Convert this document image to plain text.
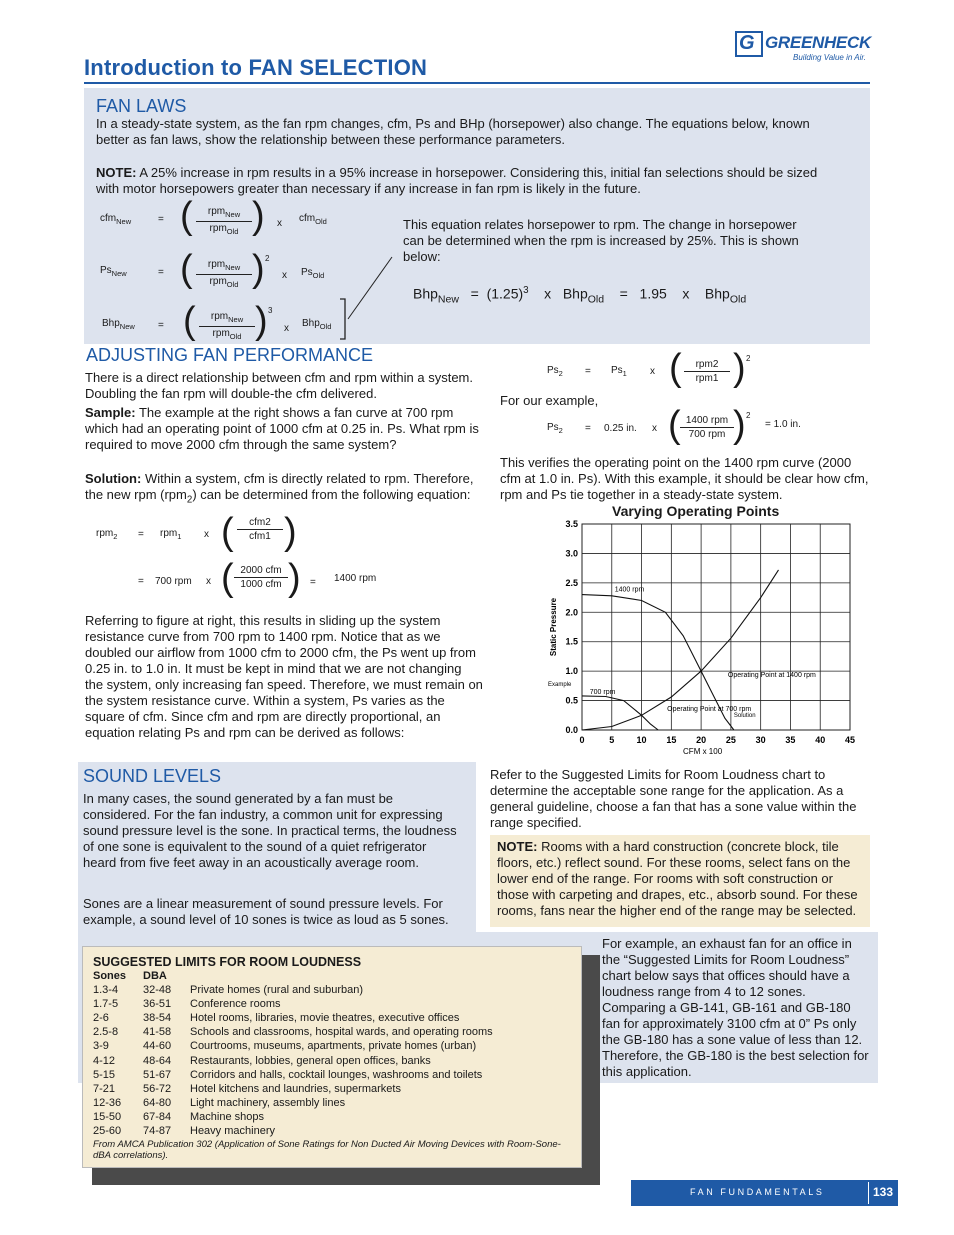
Introduction to FAN SELECTION
G GREENHECK
Building Value in Air.
FAN LAWS
In a steady-state system, as the fan rpm changes, cfm, Ps and BHp (horsepower) also change. The equations below, known better as fan laws, show the relationship between these performance parameters.
NOTE: A 25% increase in rpm results in a 95% increase in horsepower. Considering this, initial fan selections should be sized with motor horsepowers greater than necessary if any increase in fan rpm is likely in the future.
cfm$_{New}$	= (	rpm$_{New}$
rpm$_{Old}$ ) x cfm$_{Old}$
$Ps_{New}$	= (	rpm$_{New}$
rpm$_{Old}$ ) 2
x $Ps_{Old}$
Bhp$_{New}$ = (	rpm$_{New}$
rpm$_{Old}$ ) 3
x Bhp$_{Old}$
This equation relates horsepower to rpm. The change in horsepower can be determined when the rpm is increased by 25%. This is shown below:
$Bhp_{New} = (1.25)^3$ x   Bhp$_{Old}$ = 1.95 x    Bhp$_{Old}$
ADJUSTING FAN PERFORMANCE
There is a direct relationship between cfm and rpm within a system. Doubling the fan rpm will double-the cfm delivered.
Sample: The example at the right shows a fan curve at 700 rpm which had an operating point of 1000 cfm at 0.25 in. Ps. What rpm is required to move 2000 cfm through the same system?
Solution: Within a system, cfm is directly related to rpm. Therefore, the new rpm (rpm$_2$) can be determined from the following equation:
rpm$_2$ = rpm$_1$ x (	cfm2
cfm1 )
= 700 rpm x ( 2000 cfm
1000 cfm ) = 1400 rpm
Referring to figure at right, this results in sliding up the system resistance curve from 700 rpm to 1400 rpm. Notice that as we doubled our airflow from 1000 cfm to 2000 cfm, the Ps went up from 0.25 in. to 1.0 in. It must be kept in mind that we are not changing the system, only increasing fan speed. Therefore, we must remain on the system resistance curve. Within a system, Ps varies as the square of cfm. Since cfm and rpm are directly proportional, an equation relating Ps and rpm can be derived as follows:
$Ps_2 = Ps_1$ x (	rpm2
rpm1 ) 2
For our example,
$Ps_2 = 0.25$ in. x ( 1400 rpm
700 rpm ) 2
= 1.0 in.
This verifies the operating point on the 1400 rpm curve (2000 cfm at 1.0 in. Ps). With this example, it should be clear how cfm, rpm and Ps tie together in a steady-state system.
Varying Operating Points
0	5 10 15 20 25 30 35 40 45
0.0
0.5
1.0
1.5
2.0
2.5
3.0
3.5
1400 rpm
700 rpm
Operating Point at 1400 rpm
Operating Point at 700 rpm
Example
Solution
CFM x 100
Static Pressure
SOUND LEVELS
In many cases, the sound generated by a fan must be considered. For the fan industry, a common unit for expressing sound pressure level is the sone. In practical terms, the loudness of one sone is equivalent to the sound of a quiet refrigerator heard from five feet away in an acoustically average room.
Sones are a linear measurement of sound pressure levels. For example, a sound level of 10 sones is twice as loud as 5 sones.
Refer to the Suggested Limits for Room Loudness chart to determine the acceptable sone range for the application. As a general guideline, choose a fan that has a sone value within the range specified.
NOTE: Rooms with a hard construction (concrete block, tile floors, etc.) reflect sound. For these rooms, select fans on the lower end of the range. For rooms with soft construction or those with carpeting and drapes, etc., absorb sound. For these rooms, fans near the higher end of the range may be selected.
For example, an exhaust fan for an office in the “Suggested Limits for Room Loudness” chart below says that offices should have a loudness range from 4 to 12 sones. Comparing a GB-141, GB-161 and GB-180 fan for approximately 3100 cfm at 0” Ps only the GB-180 has a sone value of less than 12. Therefore, the GB-180 is the best selection for this application.
SUGGESTED LIMITS FOR ROOM LOUDNESS
Sones DBA
1.3-4 32-48 Private homes (rural and suburban)
1.7-5 36-51 Conference rooms
2-6	38-54 Hotel rooms, libraries, movie theatres, executive offices
2.5-8 41-58 Schools and classrooms, hospital wards, and operating rooms
3-9	44-60 Courtrooms, museums, apartments, private homes (urban)
4-12	48-64 Restaurants, lobbies, general open offices, banks
5-15	51-67 Corridors and halls, cocktail lounges, washrooms and toilets
7-21	56-72 Hotel kitchens and laundries, supermarkets
12-36 64-80 Light machinery, assembly lines
15-50 67-84 Machine shops
25-60 74-87 Heavy machinery
From AMCA Publication 302 (Application of Sone Ratings for Non Ducted Air Moving Devices with Room-Sone-dBA correlations).
FAN FUNDAMENTALS	133
